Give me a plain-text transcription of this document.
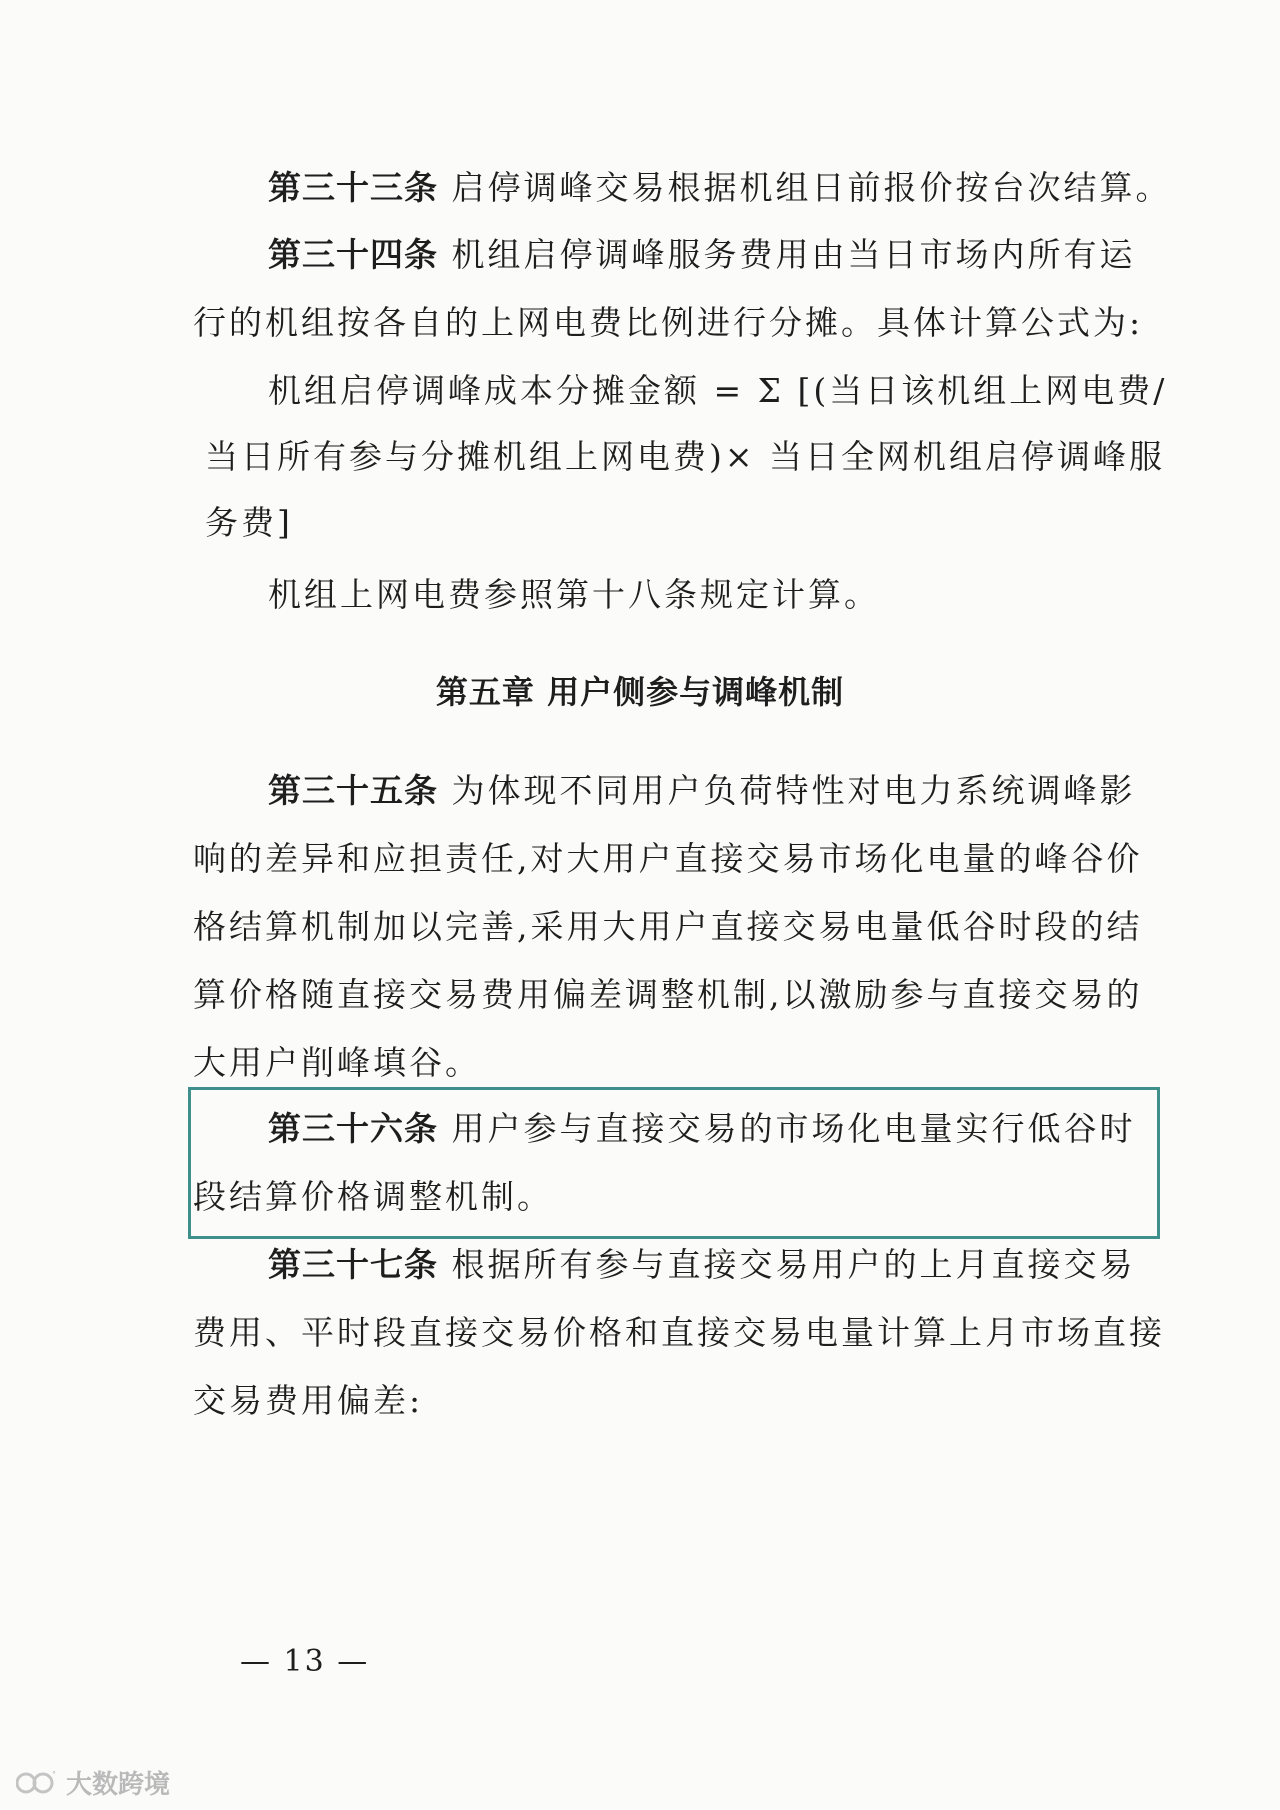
第三十三条 启停调峰交易根据机组日前报价按台次结算。

第三十四条 机组启停调峰服务费用由当日市场内所有运

行的机组按各自的上网电费比例进行分摊。具体计算公式为:

机组启停调峰成本分摊金额 = Σ [(当日该机组上网电费/

当日所有参与分摊机组上网电费)× 当日全网机组启停调峰服

务费]

机组上网电费参照第十八条规定计算。

第五章 用户侧参与调峰机制

第三十五条 为体现不同用户负荷特性对电力系统调峰影

响的差异和应担责任,对大用户直接交易市场化电量的峰谷价

格结算机制加以完善,采用大用户直接交易电量低谷时段的结

算价格随直接交易费用偏差调整机制,以激励参与直接交易的

大用户削峰填谷。

第三十六条 用户参与直接交易的市场化电量实行低谷时

段结算价格调整机制。

第三十七条 根据所有参与直接交易用户的上月直接交易

费用、平时段直接交易价格和直接交易电量计算上月市场直接

交易费用偏差:

— 13 —
° 大数跨境
